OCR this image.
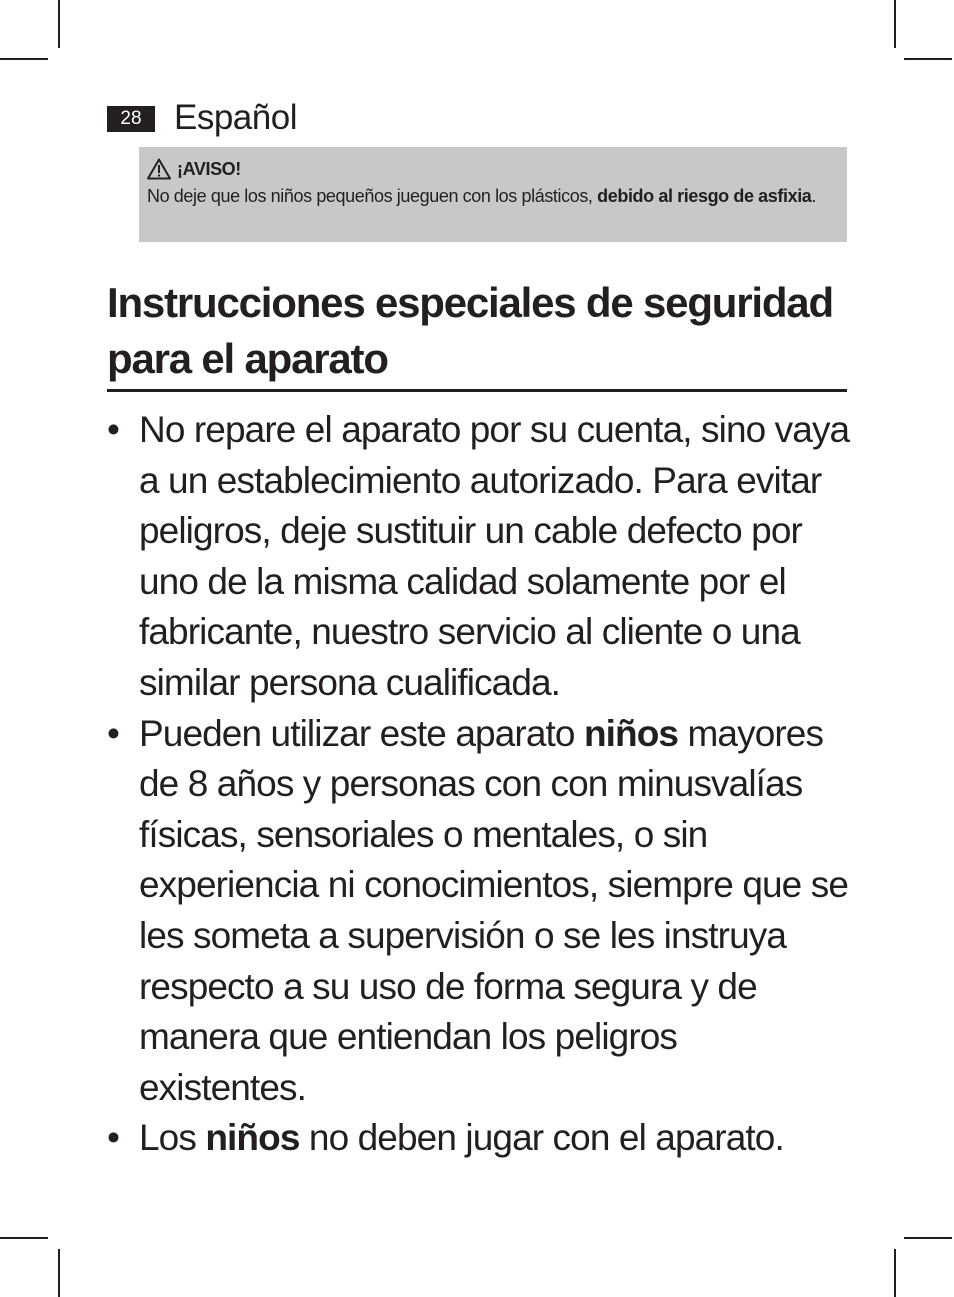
28 Español
¡AVISO!
No deje que los niños pequeños jueguen con los plásticos, debido al riesgo de asfixia.
Instrucciones especiales de seguridad para el aparato
• No repare el aparato por su cuenta, sino vaya a un establecimiento autorizado. Para evitar peligros, deje sustituir un cable defecto por uno de la misma calidad solamente por el fabricante, nuestro servicio al cliente o una similar persona cualificada.
• Pueden utilizar este aparato niños mayores de 8 años y personas con con minusvalías físicas, sensoriales o mentales, o sin experiencia ni conocimientos, siempre que se les someta a supervisión o se les instruya respecto a su uso de forma segura y de manera que entiendan los peligros existentes.
• Los niños no deben jugar con el aparato.
